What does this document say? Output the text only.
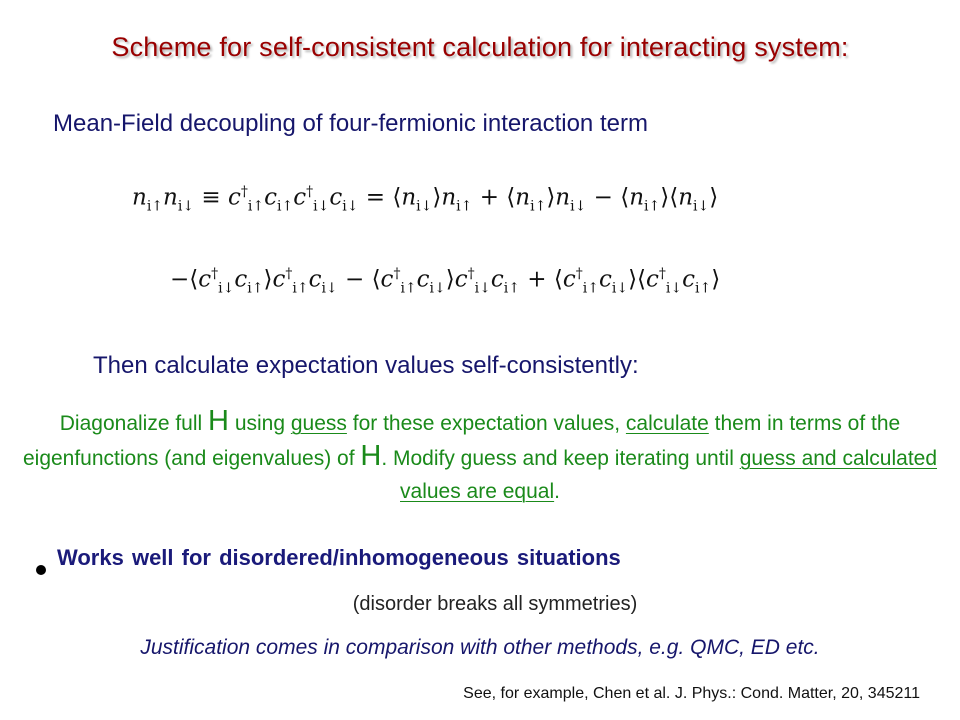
Scheme for self-consistent calculation for interacting system:
Mean-Field decoupling of four-fermionic interaction term
$n_{i↑}n_{i↓} \equiv c^\dagger_{i↑}c_{i↑}c^\dagger_{i↓}c_{i↓}$ = $⟨n_{i↓}⟩n_{i↑}$ + $⟨n_{i↑}⟩n_{i↓}$ − $⟨n_{i↑}⟩⟨n_{i↓}⟩$
$-⟨c^\dagger_{i↓}c_{i↑}⟩c^\dagger_{i↑}c_{i↓}$ − $⟨c^\dagger_{i↑}c_{i↓}⟩c^\dagger_{i↓}c_{i↑}$ + $⟨c^\dagger_{i↑}c_{i↓}⟩⟨c^\dagger_{i↓}c_{i↑}⟩$
Then calculate expectation values self-consistently:
Diagonalize full H using guess for these expectation values, calculate them in terms of the eigenfunctions (and eigenvalues) of H. Modify guess and keep iterating until guess and calculated values are equal.
Works well for disordered/inhomogeneous situations
(disorder breaks all symmetries)
Justification comes in comparison with other methods, e.g. QMC, ED etc.
See, for example, Chen et al. J. Phys.: Cond. Matter, 20, 345211
